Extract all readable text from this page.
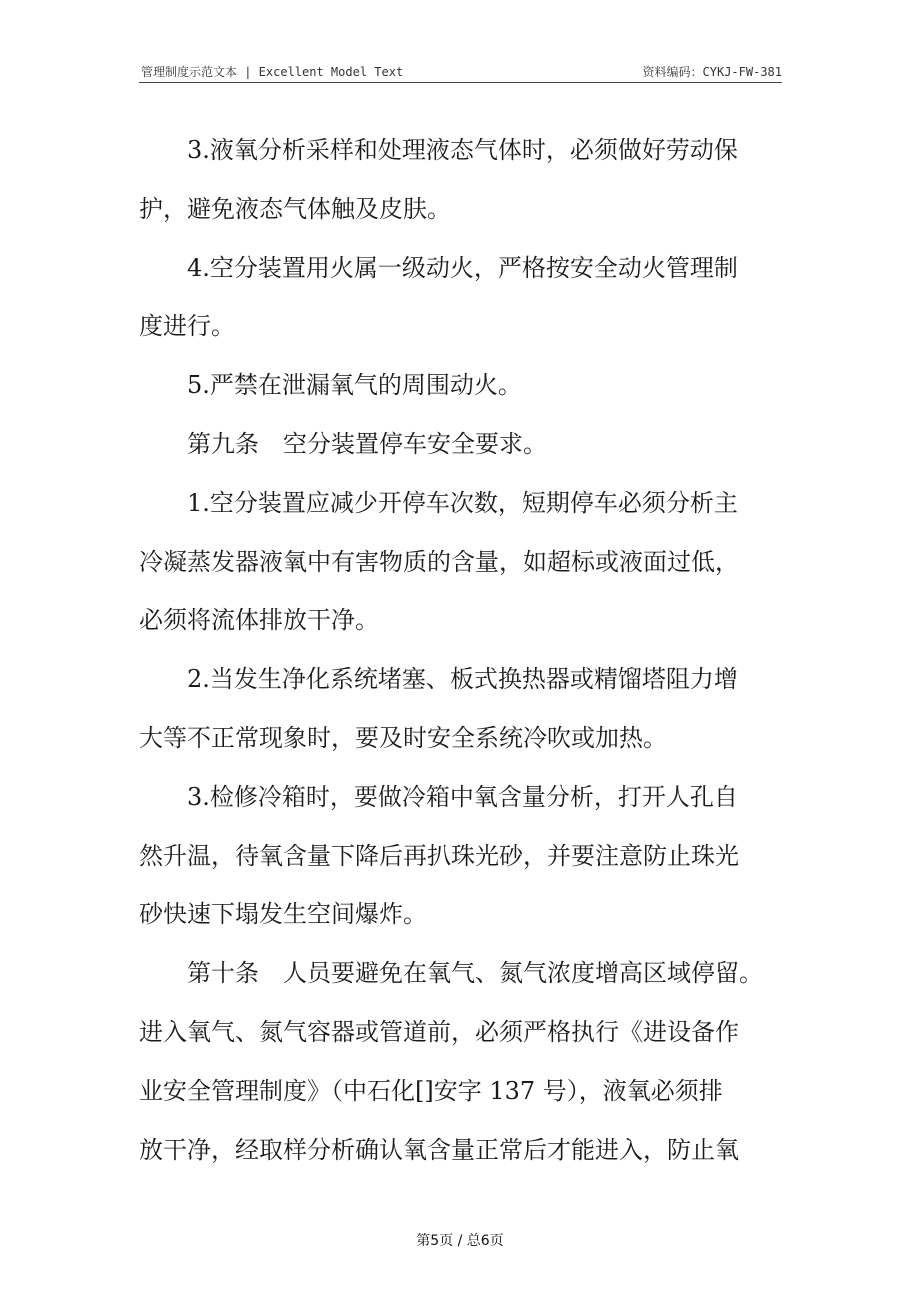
管理制度示范文本 | Excellent Model Text	资料编码：CYKJ-FW-381

3.液氧分析采样和处理液态气体时，必须做好劳动保

护，避免液态气体触及皮肤。

4.空分装置用火属一级动火，严格按安全动火管理制

度进行。

5.严禁在泄漏氧气的周围动火。

第九条　空分装置停车安全要求。

1.空分装置应减少开停车次数，短期停车必须分析主

冷凝蒸发器液氧中有害物质的含量，如超标或液面过低，

必须将流体排放干净。

2.当发生净化系统堵塞、板式换热器或精馏塔阻力增

大等不正常现象时，要及时安全系统冷吹或加热。

3.检修冷箱时，要做冷箱中氧含量分析，打开人孔自

然升温，待氧含量下降后再扒珠光砂，并要注意防止珠光

砂快速下塌发生空间爆炸。

第十条　人员要避免在氧气、氮气浓度增高区域停留。

进入氧气、氮气容器或管道前，必须严格执行《进设备作

业安全管理制度》（中石化[]安字 137 号），液氧必须排

放干净，经取样分析确认氧含量正常后才能进入，防止氧

第5页 / 总6页
